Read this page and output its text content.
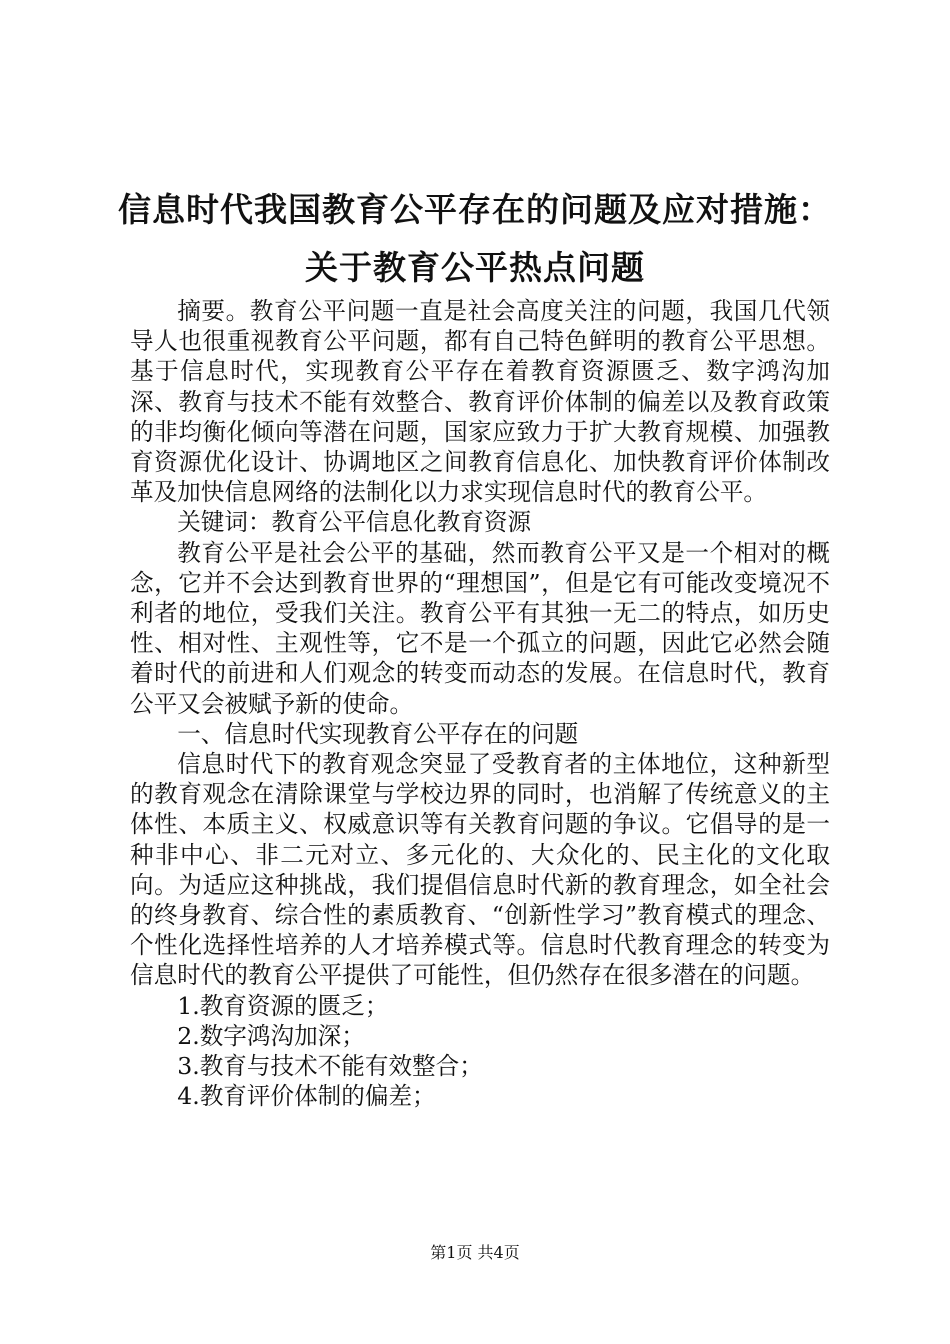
信息时代我国教育公平存在的问题及应对措施：
关于教育公平热点问题

摘要。教育公平问题一直是社会高度关注的问题，我国几代领导人也很重视教育公平问题，都有自己特色鲜明的教育公平思想。基于信息时代，实现教育公平存在着教育资源匮乏、数字鸿沟加深、教育与技术不能有效整合、教育评价体制的偏差以及教育政策的非均衡化倾向等潜在问题，国家应致力于扩大教育规模、加强教育资源优化设计、协调地区之间教育信息化、加快教育评价体制改革及加快信息网络的法制化以力求实现信息时代的教育公平。

关键词：教育公平信息化教育资源

教育公平是社会公平的基础，然而教育公平又是一个相对的概念，它并不会达到教育世界的“理想国”，但是它有可能改变境况不利者的地位，受我们关注。教育公平有其独一无二的特点，如历史性、相对性、主观性等，它不是一个孤立的问题，因此它必然会随着时代的前进和人们观念的转变而动态的发展。在信息时代，教育公平又会被赋予新的使命。

一、信息时代实现教育公平存在的问题

信息时代下的教育观念突显了受教育者的主体地位，这种新型的教育观念在清除课堂与学校边界的同时，也消解了传统意义的主体性、本质主义、权威意识等有关教育问题的争议。它倡导的是一种非中心、非二元对立、多元化的、大众化的、民主化的文化取向。为适应这种挑战，我们提倡信息时代新的教育理念，如全社会的终身教育、综合性的素质教育、“创新性学习”教育模式的理念、个性化选择性培养的人才培养模式等。信息时代教育理念的转变为信息时代的教育公平提供了可能性，但仍然存在很多潜在的问题。

1.教育资源的匮乏；

2.数字鸿沟加深；

3.教育与技术不能有效整合；

4.教育评价体制的偏差；

第1页 共4页
